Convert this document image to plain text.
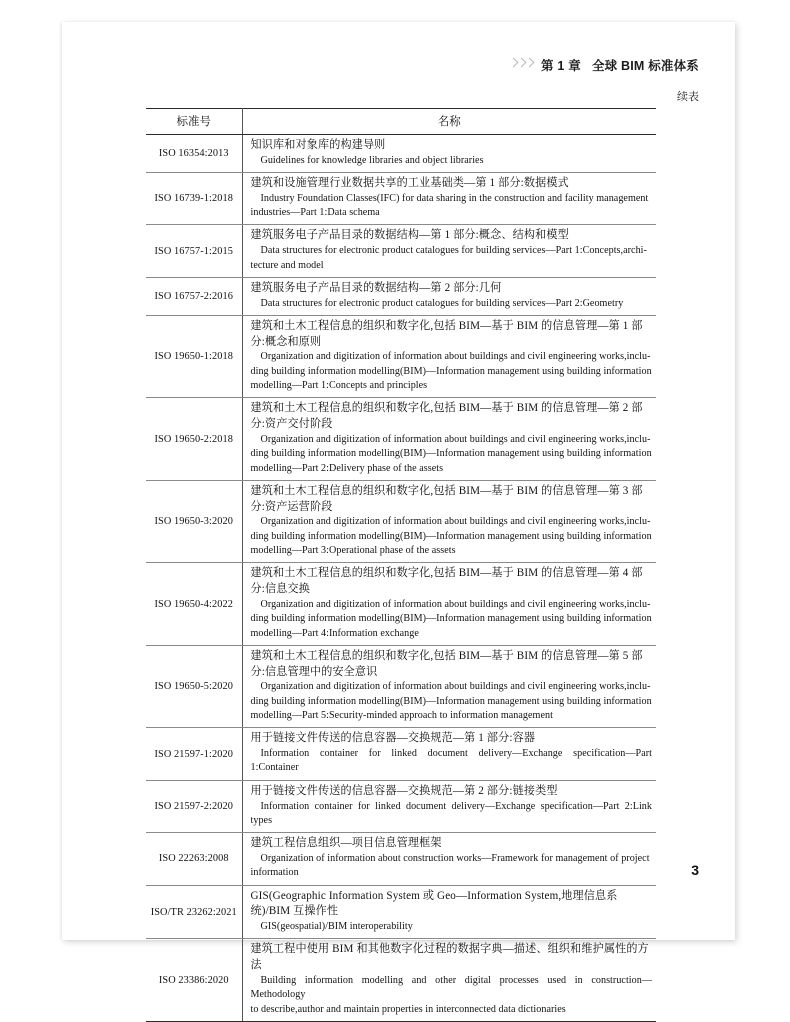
第 1 章 全球 BIM 标准体系
续表
标准号	名称
ISO 16354:2013	知识库和对象库的构建导则
Guidelines for knowledge libraries and object libraries

ISO 16739-1:2018	建筑和设施管理行业数据共享的工业基础类—第 1 部分:数据模式
Industry Foundation Classes(IFC) for data sharing in the construction and facility management
industries—Part 1:Data schema

ISO 16757-1:2015	建筑服务电子产品目录的数据结构—第 1 部分:概念、结构和模型
Data structures for electronic product catalogues for building services—Part 1:Concepts,archi-
tecture and model

ISO 16757-2:2016	建筑服务电子产品目录的数据结构—第 2 部分:几何
Data structures for electronic product catalogues for building services—Part 2:Geometry

ISO 19650-1:2018	建筑和土木工程信息的组织和数字化,包括 BIM—基于 BIM 的信息管理—第 1 部分:概念和原则
Organization and digitization of information about buildings and civil engineering works,inclu-
ding building information modelling(BIM)—Information management using building information
modelling—Part 1:Concepts and principles

ISO 19650-2:2018	建筑和土木工程信息的组织和数字化,包括 BIM—基于 BIM 的信息管理—第 2 部分:资产交付阶段
Organization and digitization of information about buildings and civil engineering works,inclu-
ding building information modelling(BIM)—Information management using building information
modelling—Part 2:Delivery phase of the assets

ISO 19650-3:2020	建筑和土木工程信息的组织和数字化,包括 BIM—基于 BIM 的信息管理—第 3 部分:资产运营阶段
Organization and digitization of information about buildings and civil engineering works,inclu-
ding building information modelling(BIM)—Information management using building information
modelling—Part 3:Operational phase of the assets

ISO 19650-4:2022	建筑和土木工程信息的组织和数字化,包括 BIM—基于 BIM 的信息管理—第 4 部分:信息交换
Organization and digitization of information about buildings and civil engineering works,inclu-
ding building information modelling(BIM)—Information management using building information
modelling—Part 4:Information exchange

ISO 19650-5:2020	建筑和土木工程信息的组织和数字化,包括 BIM—基于 BIM 的信息管理—第 5 部分:信息管理中的安全意识
Organization and digitization of information about buildings and civil engineering works,inclu-
ding building information modelling(BIM)—Information management using building information
modelling—Part 5:Security-minded approach to information management

ISO 21597-1:2020	用于链接文件传送的信息容器—交换规范—第 1 部分:容器
Information container for linked document delivery—Exchange specification—Part 1:Container

ISO 21597-2:2020	用于链接文件传送的信息容器—交换规范—第 2 部分:链接类型
Information container for linked document delivery—Exchange specification—Part 2:Link types

ISO 22263:2008	建筑工程信息组织—项目信息管理框架
Organization of information about construction works—Framework for management of project
information

ISO/TR 23262:2021	GIS(Geographic Information System 或 Geo—Information System,地理信息系统)/BIM 互操作性
GIS(geospatial)/BIM interoperability

ISO 23386:2020	建筑工程中使用 BIM 和其他数字化过程的数据字典—描述、组织和维护属性的方法
Building information modelling and other digital processes used in construction—Methodology
to describe,author and maintain properties in interconnected data dictionaries
3
